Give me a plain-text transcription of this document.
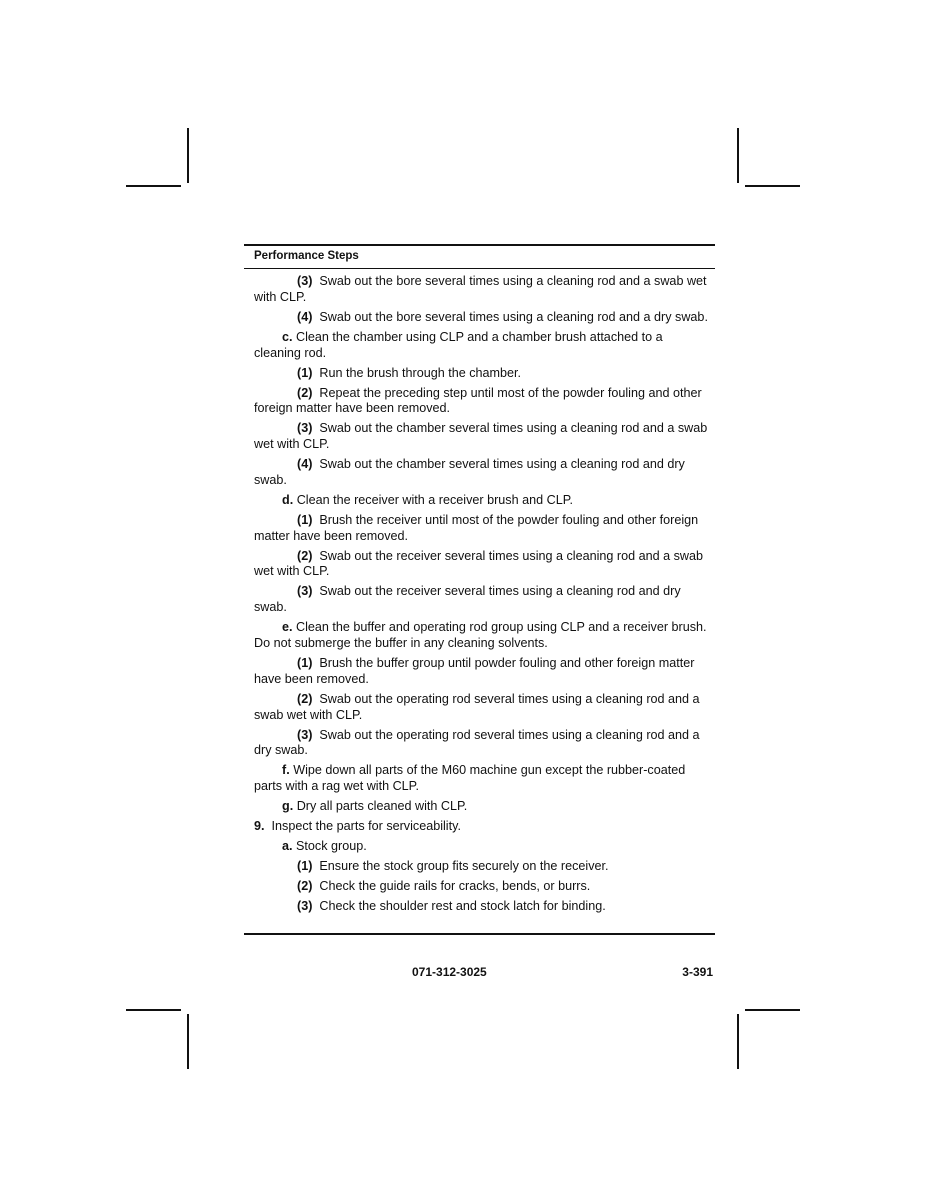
Performance Steps

(3) Swab out the bore several times using a cleaning rod and a swab wet with CLP.

(4) Swab out the bore several times using a cleaning rod and a dry swab.

c. Clean the chamber using CLP and a chamber brush attached to a cleaning rod.

(1) Run the brush through the chamber.

(2) Repeat the preceding step until most of the powder fouling and other foreign matter have been removed.

(3) Swab out the chamber several times using a cleaning rod and a swab wet with CLP.

(4) Swab out the chamber several times using a cleaning rod and dry swab.

d. Clean the receiver with a receiver brush and CLP.

(1) Brush the receiver until most of the powder fouling and other foreign matter have been removed.

(2) Swab out the receiver several times using a cleaning rod and a swab wet with CLP.

(3) Swab out the receiver several times using a cleaning rod and dry swab.

e. Clean the buffer and operating rod group using CLP and a receiver brush. Do not submerge the buffer in any cleaning solvents.

(1) Brush the buffer group until powder fouling and other foreign matter have been removed.

(2) Swab out the operating rod several times using a cleaning rod and a swab wet with CLP.

(3) Swab out the operating rod several times using a cleaning rod and a dry swab.

f. Wipe down all parts of the M60 machine gun except the rubber-coated parts with a rag wet with CLP.

g. Dry all parts cleaned with CLP.

9. Inspect the parts for serviceability.

a. Stock group.

(1) Ensure the stock group fits securely on the receiver.

(2) Check the guide rails for cracks, bends, or burrs.

(3) Check the shoulder rest and stock latch for binding.

071-312-3025	3-391
